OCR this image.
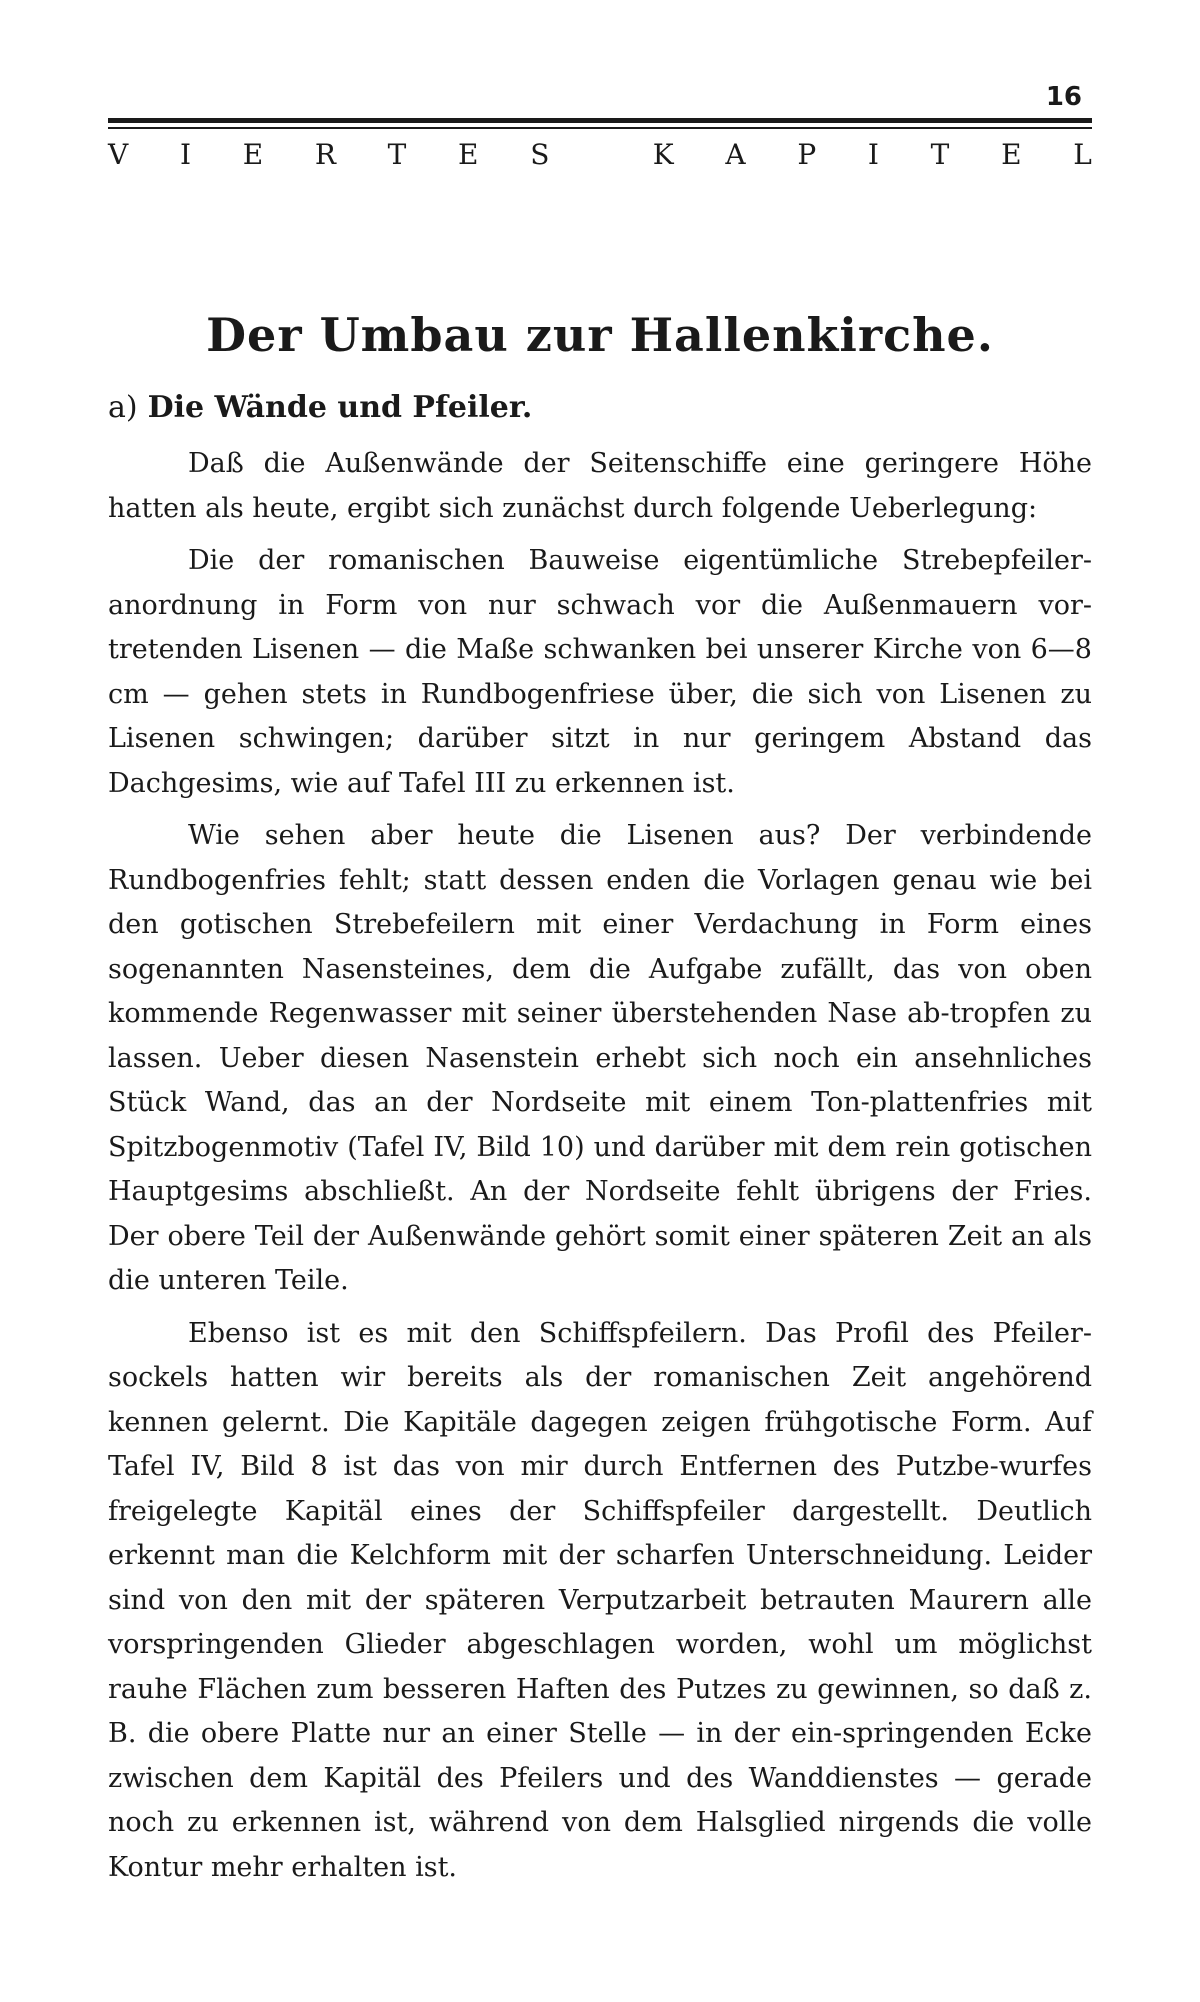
16
V I E R T E S	K A P I T E L
Der Umbau zur Hallenkirche.
a) Die Wände und Pfeiler.

Daß die Außenwände der Seitenschiffe eine geringere Höhe hatten als heute, ergibt sich zunächst durch folgende Ueberlegung:

Die der romanischen Bauweise eigentümliche Strebepfeiler-anordnung in Form von nur schwach vor die Außenmauern vor-tretenden Lisenen — die Maße schwanken bei unserer Kirche von 6—8 cm — gehen stets in Rundbogenfriese über, die sich von Lisenen zu Lisenen schwingen; darüber sitzt in nur geringem Abstand das Dachgesims, wie auf Tafel III zu erkennen ist.

Wie sehen aber heute die Lisenen aus? Der verbindende Rundbogenfries fehlt; statt dessen enden die Vorlagen genau wie bei den gotischen Strebefeilern mit einer Verdachung in Form eines sogenannten Nasensteines, dem die Aufgabe zufällt, das von oben kommende Regenwasser mit seiner überstehenden Nase ab-tropfen zu lassen. Ueber diesen Nasenstein erhebt sich noch ein ansehnliches Stück Wand, das an der Nordseite mit einem Ton-plattenfries mit Spitzbogenmotiv (Tafel IV, Bild 10) und darüber mit dem rein gotischen Hauptgesims abschließt. An der Nordseite fehlt übrigens der Fries. Der obere Teil der Außenwände gehört somit einer späteren Zeit an als die unteren Teile.

Ebenso ist es mit den Schiffspfeilern. Das Profil des Pfeiler-sockels hatten wir bereits als der romanischen Zeit angehörend kennen gelernt. Die Kapitäle dagegen zeigen frühgotische Form. Auf Tafel IV, Bild 8 ist das von mir durch Entfernen des Putzbe-wurfes freigelegte Kapitäl eines der Schiffspfeiler dargestellt. Deutlich erkennt man die Kelchform mit der scharfen Unterschneidung. Leider sind von den mit der späteren Verputzarbeit betrauten Maurern alle vorspringenden Glieder abgeschlagen worden, wohl um möglichst rauhe Flächen zum besseren Haften des Putzes zu gewinnen, so daß z. B. die obere Platte nur an einer Stelle — in der ein-springenden Ecke zwischen dem Kapitäl des Pfeilers und des Wanddienstes — gerade noch zu erkennen ist, während von dem Halsglied nirgends die volle Kontur mehr erhalten ist.
